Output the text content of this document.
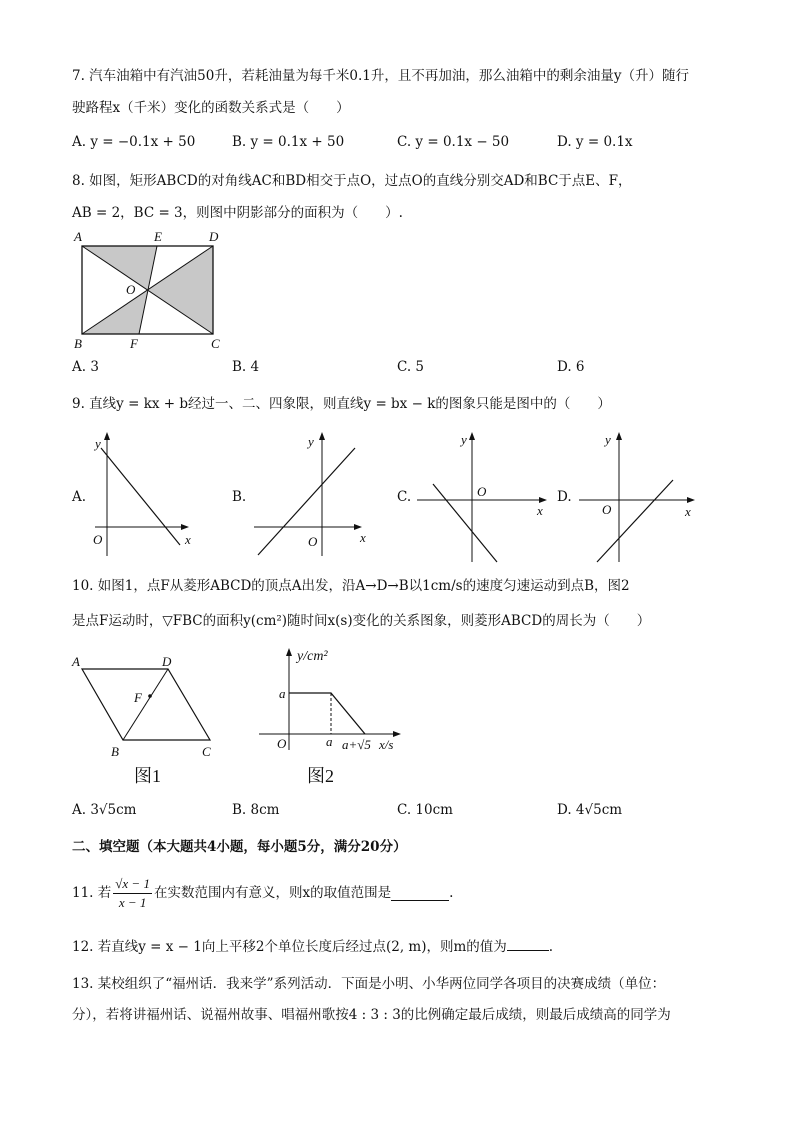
7. 汽车油箱中有汽油50升，若耗油量为每千米0.1升，且不再加油，那么油箱中的剩余油量y（升）随行
驶路程x（千米）变化的函数关系式是（　　）
A. y = −0.1x + 50	B. y = 0.1x + 50	C. y = 0.1x − 50	D. y = 0.1x
8. 如图，矩形ABCD的对角线AC和BD相交于点O，过点O的直线分别交AD和BC于点E、F，
AB = 2，BC = 3，则图中阴影部分的面积为（　　）.
A	E	D
O
B	F	C
A. 3	B. 4	C. 5	D. 6
9. 直线y = kx + b经过一、二、四象限，则直线y = bx − k的图象只能是图中的（　　）
A.
y
x
O
B.
y
x
O
C.
y
x
O	D.
y
x
O
10. 如图1，点F从菱形ABCD的顶点A出发，沿A→D→B以1cm/s的速度匀速运动到点B，图2
是点F运动时，▽FBC的面积y(cm²)随时间x(s)变化的关系图象，则菱形ABCD的周长为（　　）
A	D
F
B	C
图1
y/cm²
a
O	a a+√5 x/s
图2
A. 3√5cm	B. 8cm	C. 10cm	D. 4√5cm
二、填空题（本大题共4小题，每小题5分，满分20分）
11. 若 $\frac{√x - 1}{x - 1}$ 在实数范围内有意义，则x的取值范围是	.
12. 若直线y = x − 1向上平移2个单位长度后经过点(2, m)，则m的值为	.
13. 某校组织了“福州话．我来学”系列活动．下面是小明、小华两位同学各项目的决赛成绩（单位：
分），若将讲福州话、说福州故事、唱福州歌按4 : 3 : 3的比例确定最后成绩，则最后成绩高的同学为
